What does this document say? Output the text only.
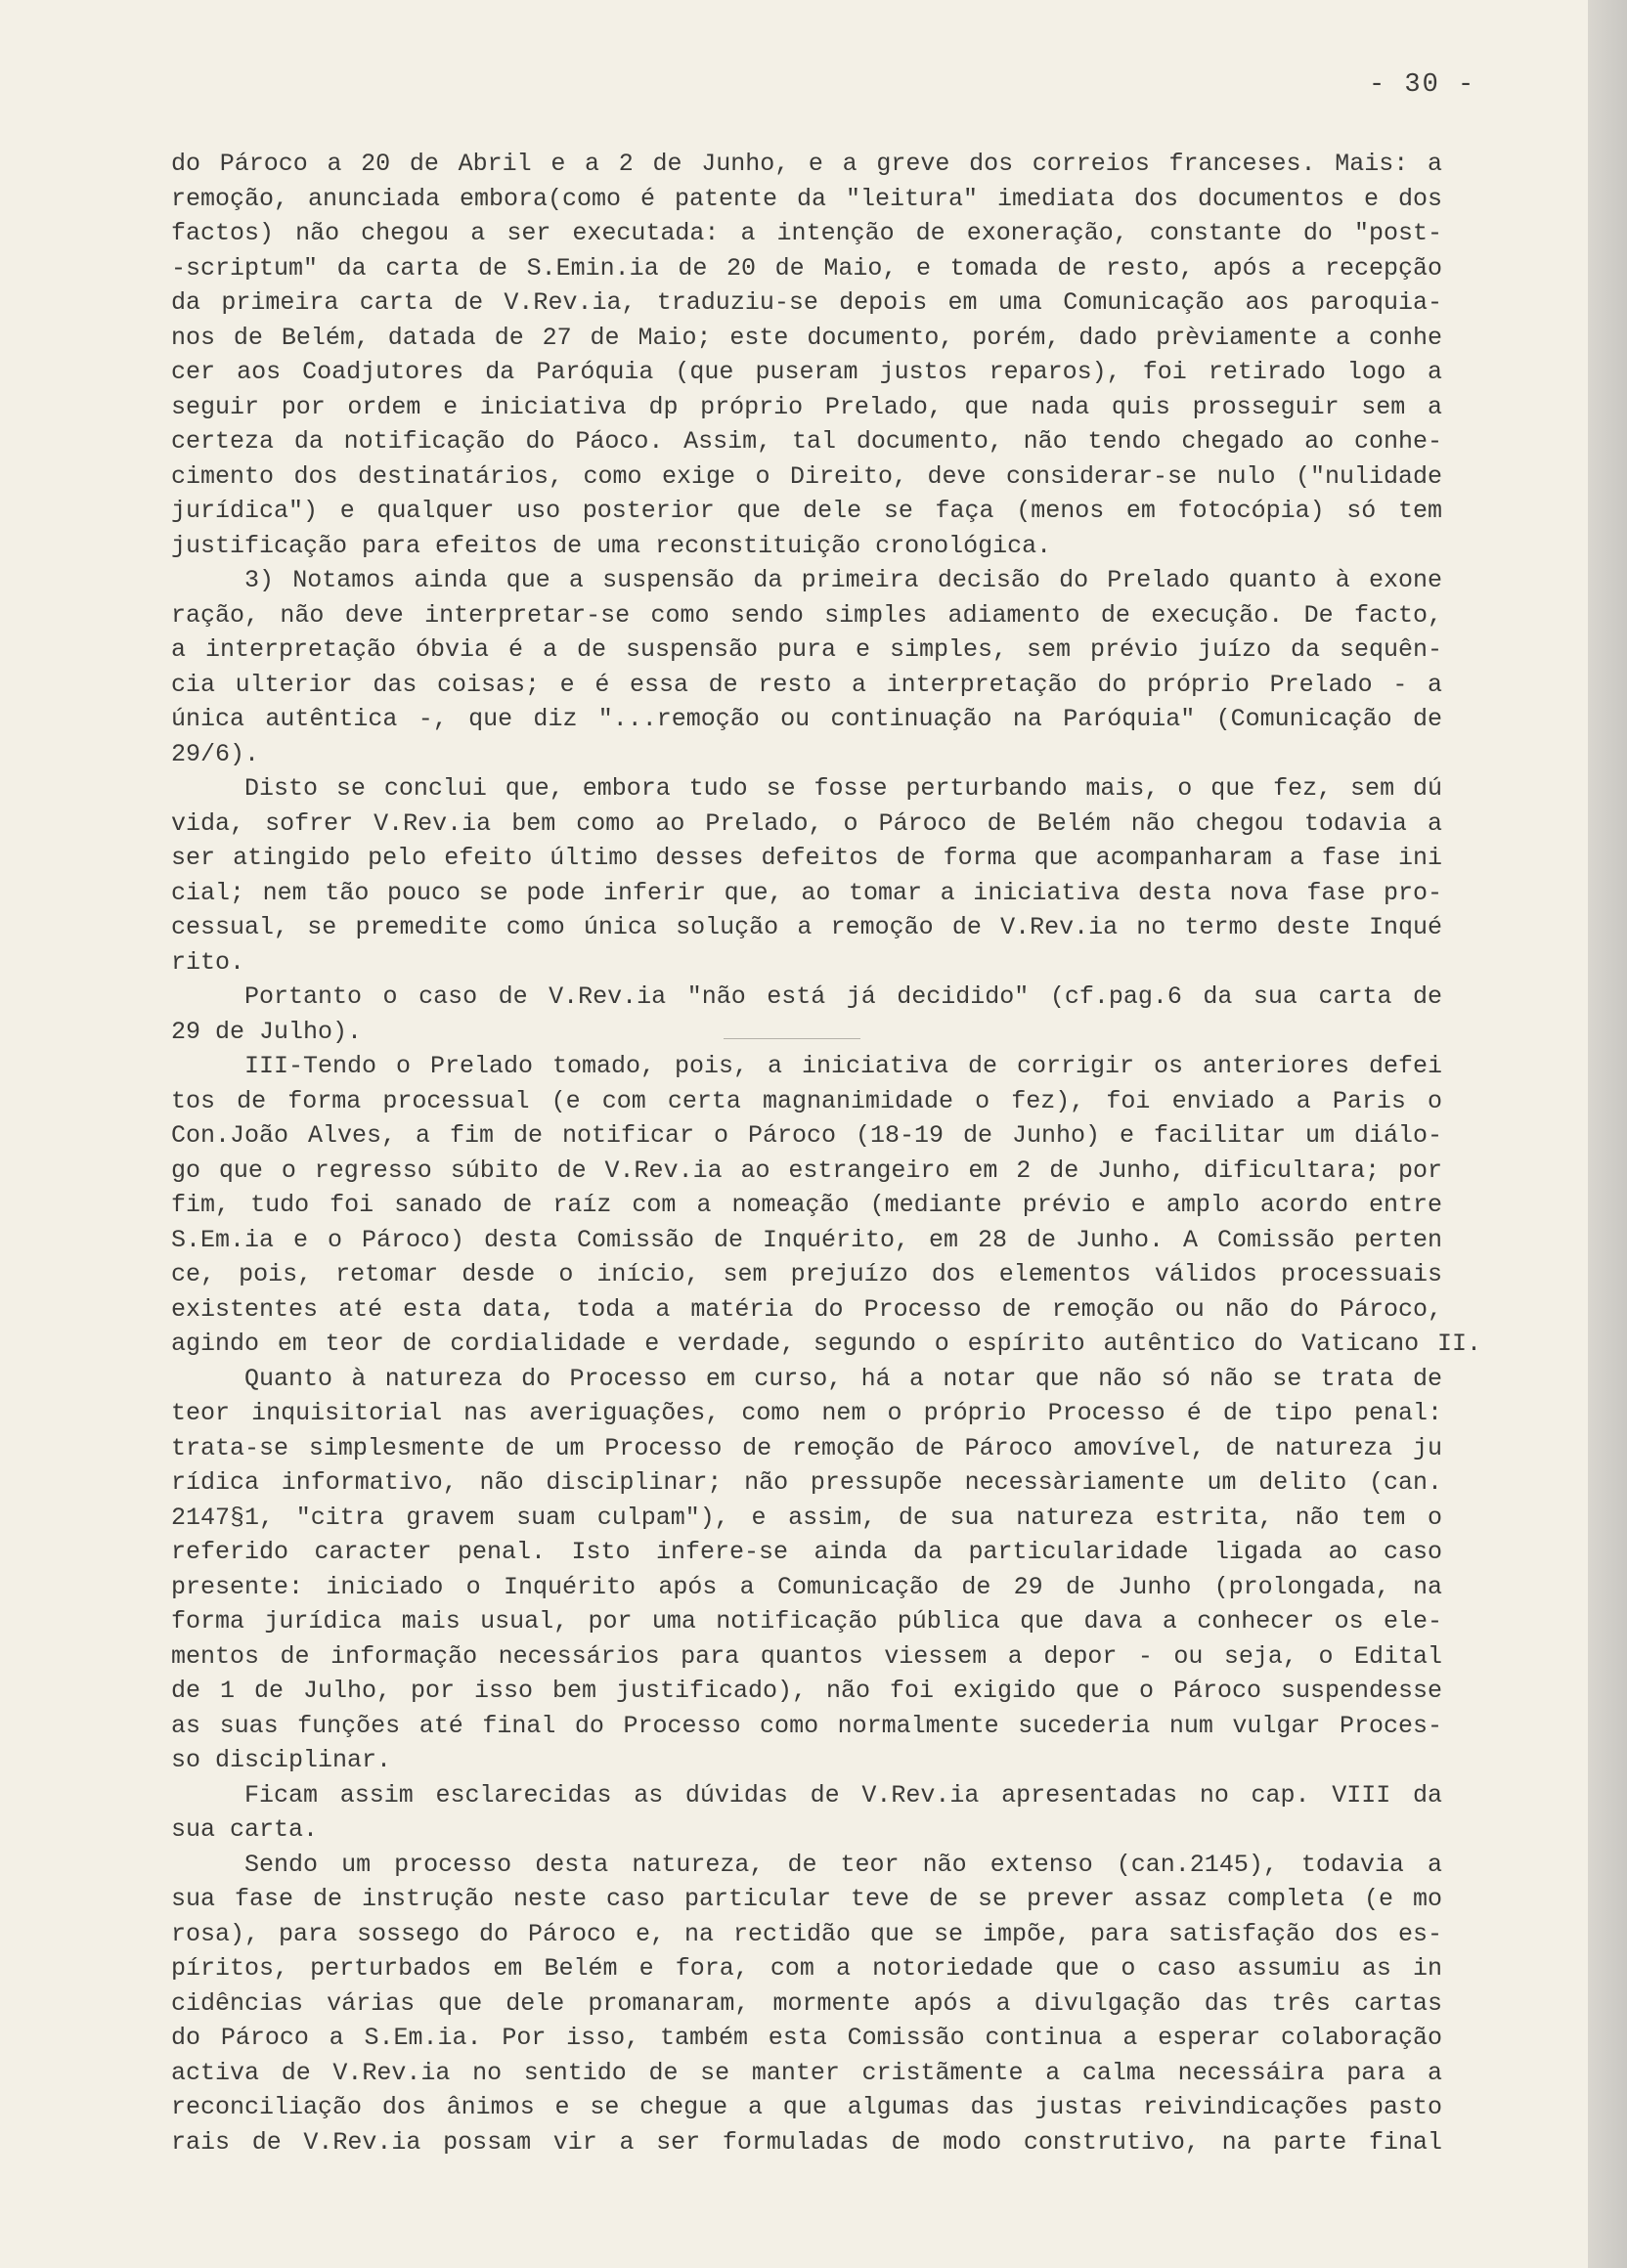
- 30 -
do Pároco a 20 de Abril e a 2 de Junho, e a greve dos correios franceses. Mais: a
remoção, anunciada embora(como é patente da "leitura" imediata dos documentos e dos
factos) não chegou a ser executada: a intenção de exoneração, constante do "post-
-scriptum" da carta de S.Emin.ia de 20 de Maio, e tomada de resto, após a recepção
da primeira carta de V.Rev.ia, traduziu-se depois em uma Comunicação aos paroquia-
nos de Belém, datada de 27 de Maio; este documento, porém, dado prèviamente a conhe
cer aos Coadjutores da Paróquia (que puseram justos reparos), foi retirado logo a
seguir por ordem e iniciativa dp próprio Prelado, que nada quis prosseguir sem a
certeza da notificação do Páoco. Assim, tal documento, não tendo chegado ao conhe-
cimento dos destinatários, como exige o Direito, deve considerar-se nulo ("nulidade
jurídica") e qualquer uso posterior que dele se faça (menos em fotocópia) só tem
justificação para efeitos de uma reconstituição cronológica.
3) Notamos ainda que a suspensão da primeira decisão do Prelado quanto à exone
ração, não deve interpretar-se como sendo simples adiamento de execução. De facto,
a interpretação óbvia é a de suspensão pura e simples, sem prévio juízo da sequên-
cia ulterior das coisas; e é essa de resto a interpretação do próprio Prelado - a
única autêntica -, que diz "...remoção ou continuação na Paróquia" (Comunicação de
29/6).
Disto se conclui que, embora tudo se fosse perturbando mais, o que fez, sem dú
vida, sofrer V.Rev.ia bem como ao Prelado, o Pároco de Belém não chegou todavia a
ser atingido pelo efeito último desses defeitos de forma que acompanharam a fase ini
cial; nem tão pouco se pode inferir que, ao tomar a iniciativa desta nova fase pro-
cessual, se premedite como única solução a remoção de V.Rev.ia no termo deste Inqué
rito.
Portanto o caso de V.Rev.ia "não está já decidido" (cf.pag.6 da sua carta de
29 de Julho).
III-Tendo o Prelado tomado, pois, a iniciativa de corrigir os anteriores defei
tos de forma processual (e com certa magnanimidade o fez), foi enviado a Paris o
Con.João Alves, a fim de notificar o Pároco (18-19 de Junho) e facilitar um diálo-
go que o regresso súbito de V.Rev.ia ao estrangeiro em 2 de Junho, dificultara; por
fim, tudo foi sanado de raíz com a nomeação (mediante prévio e amplo acordo entre
S.Em.ia e o Pároco) desta Comissão de Inquérito, em 28 de Junho. A Comissão perten
ce, pois, retomar desde o início, sem prejuízo dos elementos válidos processuais
existentes até esta data, toda a matéria do Processo de remoção ou não do Pároco,
agindo em teor de cordialidade e verdade, segundo o espírito autêntico do Vaticano II.
Quanto à natureza do Processo em curso, há a notar que não só não se trata de
teor inquisitorial nas averiguações, como nem o próprio Processo é de tipo penal:
trata-se simplesmente de um Processo de remoção de Pároco amovível, de natureza ju
rídica informativo, não disciplinar; não pressupõe necessàriamente um delito (can.
2147§1, "citra gravem suam culpam"), e assim, de sua natureza estrita, não tem o
referido caracter penal. Isto infere-se ainda da particularidade ligada ao caso
presente: iniciado o Inquérito após a Comunicação de 29 de Junho (prolongada, na
forma jurídica mais usual, por uma notificação pública que dava a conhecer os ele-
mentos de informação necessários para quantos viessem a depor - ou seja, o Edital
de 1 de Julho, por isso bem justificado), não foi exigido que o Pároco suspendesse
as suas funções até final do Processo como normalmente sucederia num vulgar Proces-
so disciplinar.
Ficam assim esclarecidas as dúvidas de V.Rev.ia apresentadas no cap. VIII da
sua carta.
Sendo um processo desta natureza, de teor não extenso (can.2145), todavia a
sua fase de instrução neste caso particular teve de se prever assaz completa (e mo
rosa), para sossego do Pároco e, na rectidão que se impõe, para satisfação dos es-
píritos, perturbados em Belém e fora, com a notoriedade que o caso assumiu as in
cidências várias que dele promanaram, mormente após a divulgação das três cartas
do Pároco a S.Em.ia. Por isso, também esta Comissão continua a esperar colaboração
activa de V.Rev.ia no sentido de se manter cristãmente a calma necessáira para a
reconciliação dos ânimos e se chegue a que algumas das justas reivindicações pasto
rais de V.Rev.ia possam vir a ser formuladas de modo construtivo, na parte final
